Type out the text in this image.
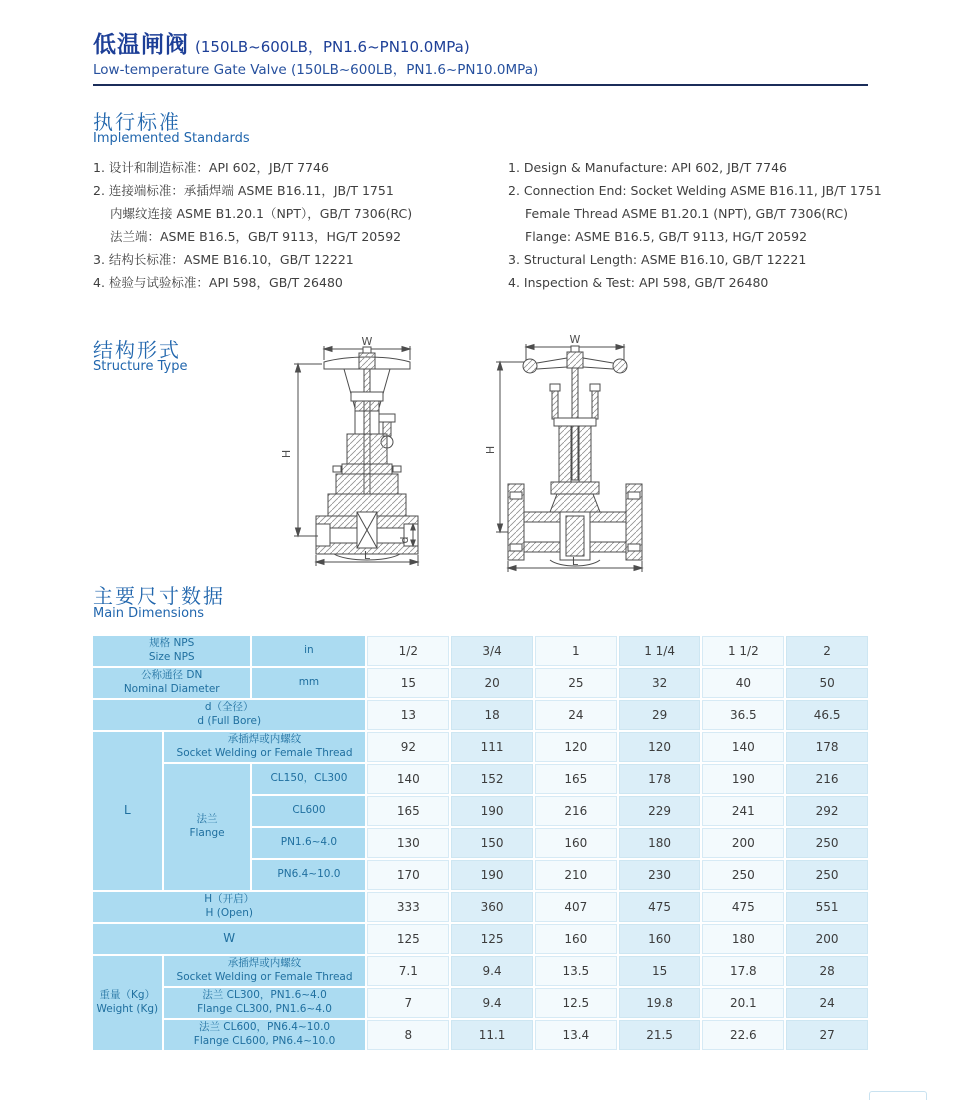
低温闸阀 (150LB~600LB，PN1.6~PN10.0MPa)
Low-temperature Gate Valve (150LB~600LB，PN1.6~PN10.0MPa)
执行标准
Implemented Standards
1. 设计和制造标准：API 602，JB/T 7746
2. 连接端标准：承插焊端 ASME B16.11，JB/T 1751
内螺纹连接 ASME B1.20.1（NPT），GB/T 7306(RC)
法兰端：ASME B16.5，GB/T 9113，HG/T 20592
3. 结构长标准：ASME B16.10，GB/T 12221
4. 检验与试验标准：API 598，GB/T 26480
1. Design & Manufacture: API 602, JB/T 7746
2. Connection End: Socket Welding ASME B16.11, JB/T 1751
Female Thread ASME B1.20.1 (NPT), GB/T 7306(RC)
Flange: ASME B16.5, GB/T 9113, HG/T 20592
3. Structural Length: ASME B16.10, GB/T 12221
4. Inspection & Test: API 598, GB/T 26480
结构形式
Structure Type
W
H
d
L
W
H
L
主要尺寸数据
Main Dimensions
规格 NPS
Size NPS		in	1/2	3/4	1	1 1/4	1 1/2	2

公称通径 DN
Nominal Diameter		mm	15	20	25	32	40	50

d（全径）
d (Full Bore)			13	18	24	29	36.5	46.5
L	承插焊或内螺纹
Socket Welding or Female Thread		92	111	120	120	140	178

	法兰
Flange	CL150，CL300	140	152	165	178	190	216
		CL600	165	190	216	229	241	292
		PN1.6~4.0	130	150	160	180	200	250
		PN6.4~10.0	170	190	210	230	250	250

H（开启）
H (Open)			333	360	407	475	475	551
W			125	125	160	160	180	200

重量（Kg）
Weight (Kg)

承插焊或内螺纹
Socket Welding or Female Thread	7.1	9.4	13.5	15	17.8	28

	法兰 CL300，PN1.6~4.0
Flange CL300, PN1.6~4.0		7	9.4	12.5	19.8	20.1	24

	法兰 CL600，PN6.4~10.0
Flange CL600, PN6.4~10.0		8	11.1	13.4	21.5	22.6	27
